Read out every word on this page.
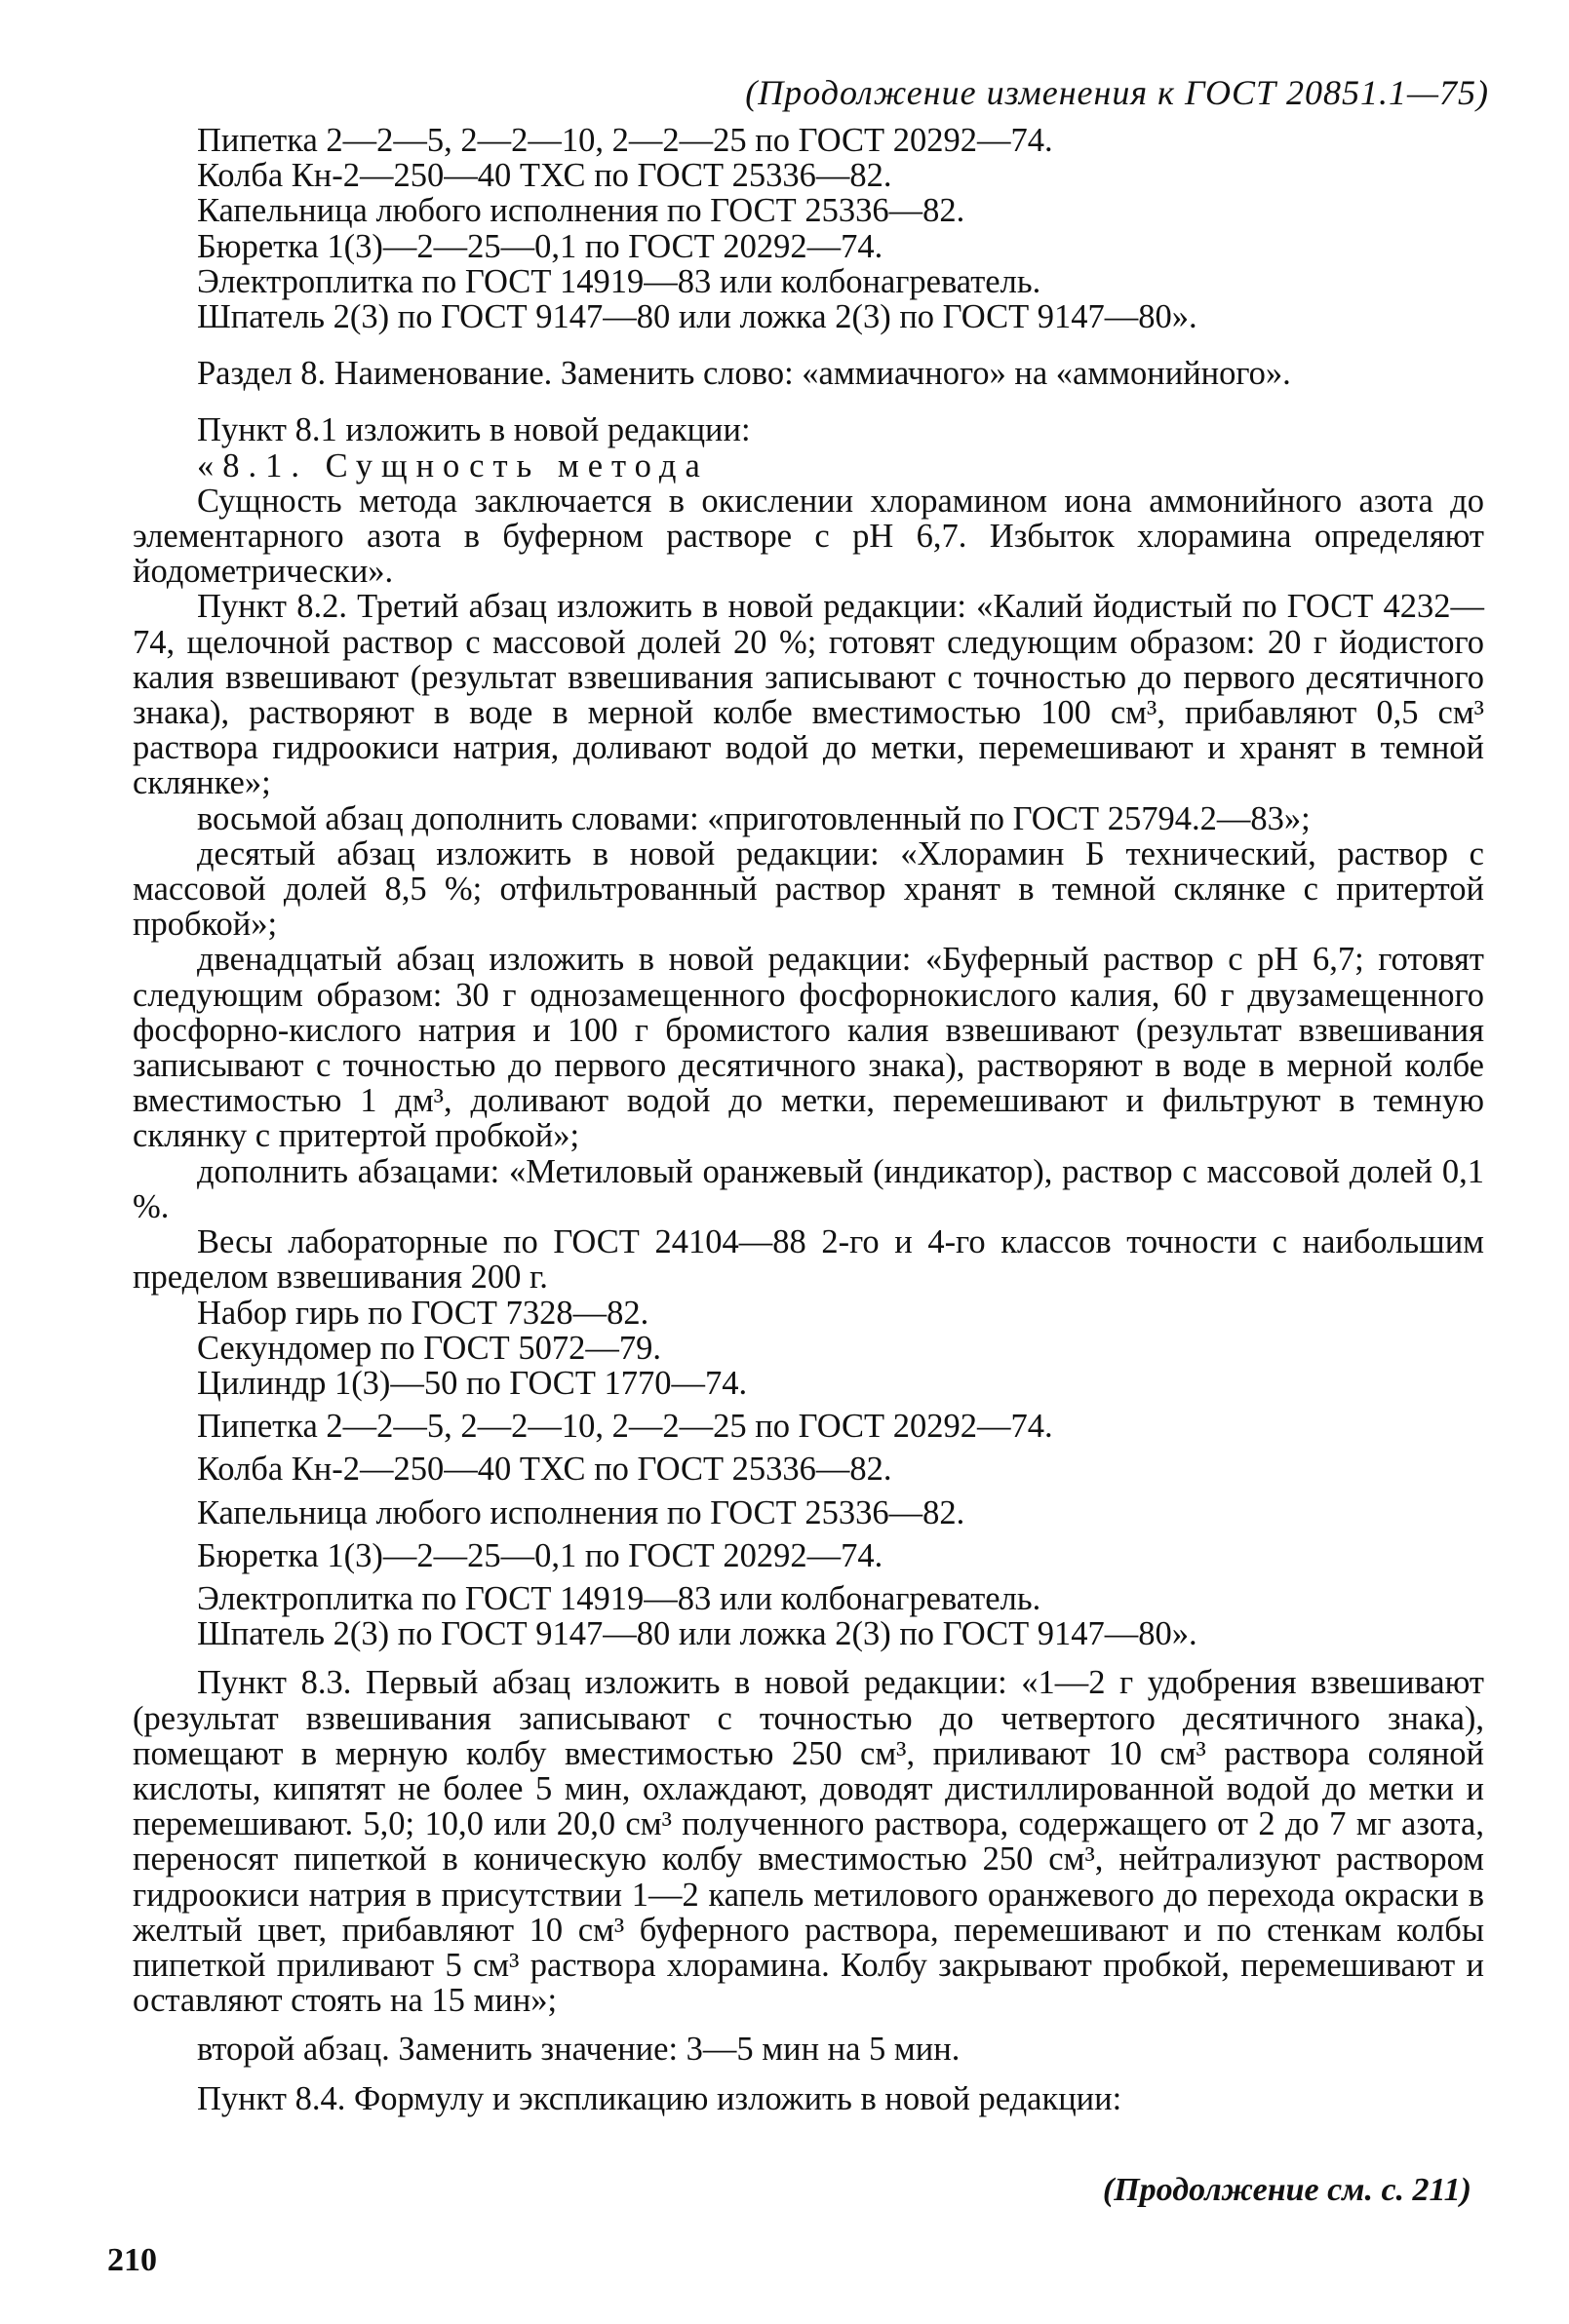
(Продолжение изменения к ГОСТ 20851.1—75)
Пипетка 2—2—5, 2—2—10, 2—2—25 по ГОСТ 20292—74.
Колба Кн-2—250—40 ТХС по ГОСТ 25336—82.
Капельница любого исполнения по ГОСТ 25336—82.
Бюретка 1(3)—2—25—0,1 по ГОСТ 20292—74.
Электроплитка по ГОСТ 14919—83 или колбонагреватель.
Шпатель 2(3) по ГОСТ 9147—80 или ложка 2(3) по ГОСТ 9147—80».
Раздел 8. Наименование. Заменить слово: «аммиачного» на «аммонийного».
Пункт 8.1 изложить в новой редакции:
«8.1. Сущность метода
Сущность метода заключается в окислении хлорамином иона аммонийного азота до элементарного азота в буферном растворе с рН 6,7. Избыток хлорамина определяют йодометрически».
Пункт 8.2. Третий абзац изложить в новой редакции: «Калий йодистый по ГОСТ 4232—74, щелочной раствор с массовой долей 20 %; готовят следующим образом: 20 г йодистого калия взвешивают (результат взвешивания записывают с точностью до первого десятичного знака), растворяют в воде в мерной колбе вместимостью 100 см³, прибавляют 0,5 см³ раствора гидроокиси натрия, доливают водой до метки, перемешивают и хранят в темной склянке»;
восьмой абзац дополнить словами: «приготовленный по ГОСТ 25794.2—83»;
десятый абзац изложить в новой редакции: «Хлорамин Б технический, раствор с массовой долей 8,5 %; отфильтрованный раствор хранят в темной склянке с притертой пробкой»;
двенадцатый абзац изложить в новой редакции: «Буферный раствор с рН 6,7; готовят следующим образом: 30 г однозамещенного фосфорнокислого калия, 60 г двузамещенного фосфорно-кислого натрия и 100 г бромистого калия взвешивают (результат взвешивания записывают с точностью до первого десятичного знака), растворяют в воде в мерной колбе вместимостью 1 дм³, доливают водой до метки, перемешивают и фильтруют в темную склянку с притертой пробкой»;
дополнить абзацами: «Метиловый оранжевый (индикатор), раствор с массовой долей 0,1 %.
Весы лабораторные по ГОСТ 24104—88 2-го и 4-го классов точности с наибольшим пределом взвешивания 200 г.
Набор гирь по ГОСТ 7328—82.
Секундомер по ГОСТ 5072—79.
Цилиндр 1(3)—50 по ГОСТ 1770—74.
Пипетка 2—2—5, 2—2—10, 2—2—25 по ГОСТ 20292—74.
Колба Кн-2—250—40 ТХС по ГОСТ 25336—82.
Капельница любого исполнения по ГОСТ 25336—82.
Бюретка 1(3)—2—25—0,1 по ГОСТ 20292—74.
Электроплитка по ГОСТ 14919—83 или колбонагреватель.
Шпатель 2(3) по ГОСТ 9147—80 или ложка 2(3) по ГОСТ 9147—80».
Пункт 8.3. Первый абзац изложить в новой редакции: «1—2 г удобрения взвешивают (результат взвешивания записывают с точностью до четвертого десятичного знака), помещают в мерную колбу вместимостью 250 см³, приливают 10 см³ раствора соляной кислоты, кипятят не более 5 мин, охлаждают, доводят дистиллированной водой до метки и перемешивают. 5,0; 10,0 или 20,0 см³ полученного раствора, содержащего от 2 до 7 мг азота, переносят пипеткой в коническую колбу вместимостью 250 см³, нейтрализуют раствором гидроокиси натрия в присутствии 1—2 капель метилового оранжевого до перехода окраски в желтый цвет, прибавляют 10 см³ буферного раствора, перемешивают и по стенкам колбы пипеткой приливают 5 см³ раствора хлорамина. Колбу закрывают пробкой, перемешивают и оставляют стоять на 15 мин»;
второй абзац. Заменить значение: 3—5 мин на 5 мин.
Пункт 8.4. Формулу и экспликацию изложить в новой редакции:
(Продолжение см. с. 211)
210
